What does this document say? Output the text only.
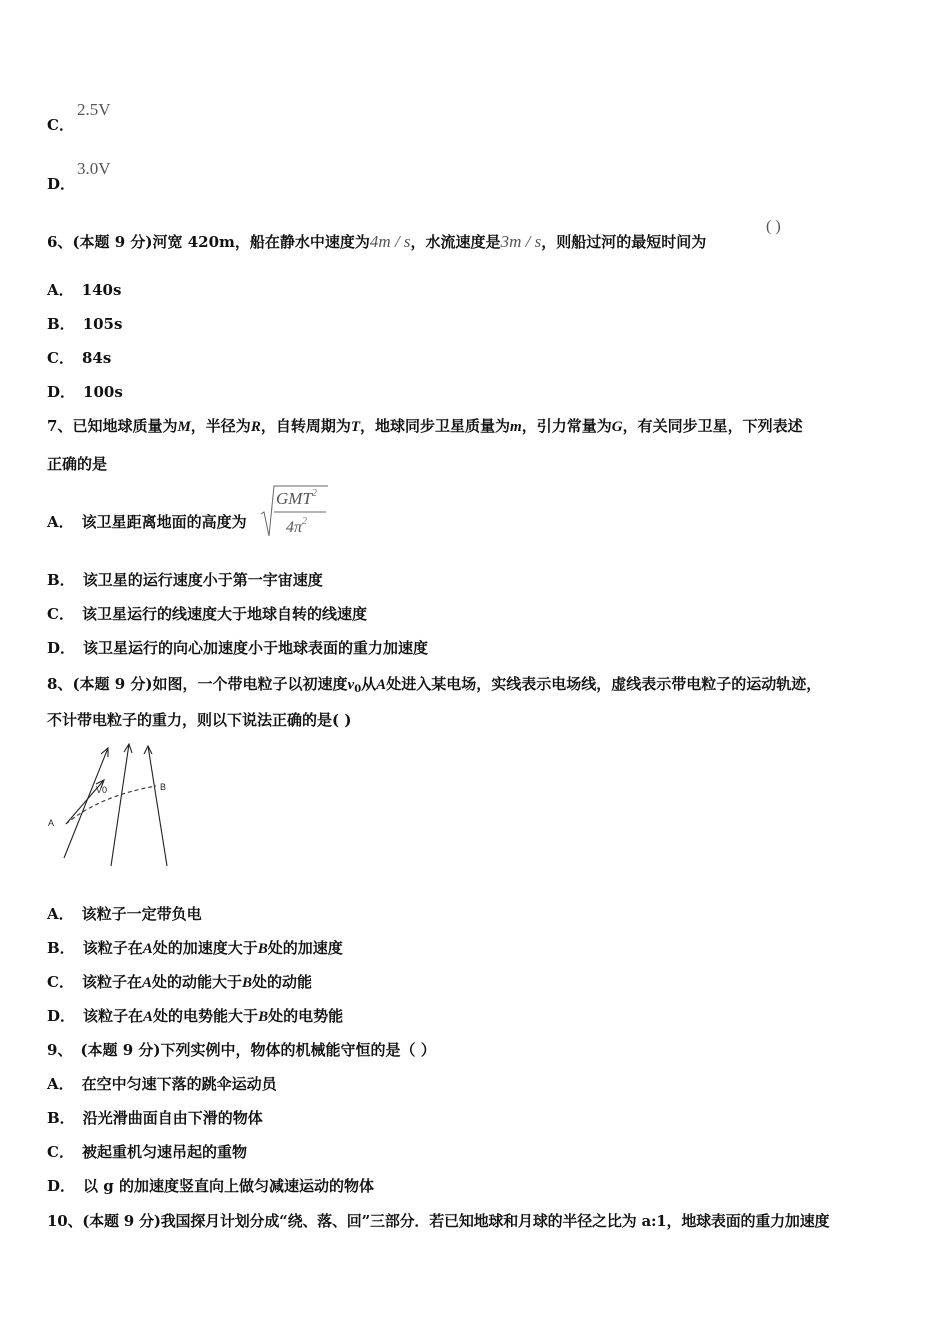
C．
2.5V
D．
3.0V
6、(本题 9 分)河宽 420m，船在静水中速度为4m / s，水流速度是3m / s，则船过河的最短时间为
( )
A． 140s
B． 105s
C． 84s
D． 100s
7、已知地球质量为M，半径为R，自转周期为T，地球同步卫星质量为m，引力常量为G，有关同步卫星，下列表述
正确的是
A． 该卫星距离地面的高度为
GMT$^2$
$4\pi^2$
B． 该卫星的运行速度小于第一宇宙速度
C． 该卫星运行的线速度大于地球自转的线速度
D． 该卫星运行的向心加速度小于地球表面的重力加速度
8、(本题 9 分)如图，一个带电粒子以初速度$v_0$从A处进入某电场，实线表示电场线，虚线表示带电粒子的运动轨迹，
不计带电粒子的重力，则以下说法正确的是( )
A
B
V0
A． 该粒子一定带负电
B． 该粒子在A处的加速度大于B处的加速度
C． 该粒子在A处的动能大于B处的动能
D． 该粒子在A处的电势能大于B处的电势能
9、 (本题 9 分)下列实例中，物体的机械能守恒的是（ ）
A． 在空中匀速下落的跳伞运动员
B． 沿光滑曲面自由下滑的物体
C． 被起重机匀速吊起的重物
D． 以 g 的加速度竖直向上做匀减速运动的物体
10、(本题 9 分)我国探月计划分成“绕、落、回”三部分．若已知地球和月球的半径之比为 a:1，地球表面的重力加速度
